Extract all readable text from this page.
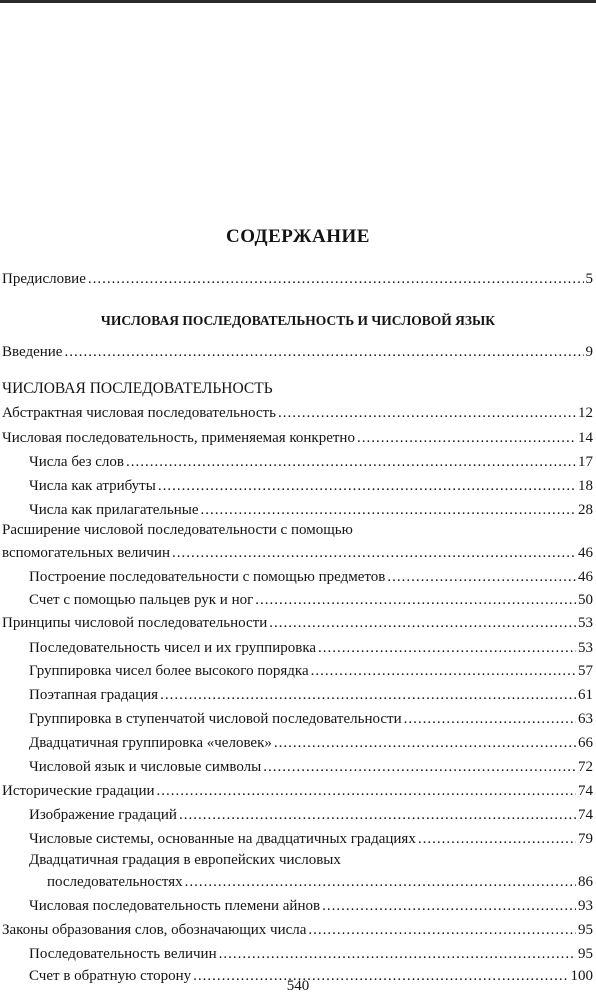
СОДЕРЖАНИЕ
Предисловие .....	5
ЧИСЛОВАЯ ПОСЛЕДОВАТЕЛЬНОСТЬ И ЧИСЛОВОЙ ЯЗЫК
Введение .....	9
ЧИСЛОВАЯ ПОСЛЕДОВАТЕЛЬНОСТЬ
Абстрактная числовая последовательность .....	12
Числовая последовательность, применяемая конкретно .....	14
Числа без слов .....	17
Числа как атрибуты .....	18
Числа как прилагательные .....	28
Расширение числовой последовательности с помощью
вспомогательных величин .....	46
Построение последовательности с помощью предметов .....	46
Счет с помощью пальцев рук и ног .....	50
Принципы числовой последовательности .....	53
Последовательность чисел и их группировка .....	53
Группировка чисел более высокого порядка .....	57
Поэтапная градация .....	61
Группировка в ступенчатой числовой последовательности .....	63
Двадцатичная группировка «человек» .....	66
Числовой язык и числовые символы .....	72
Исторические градации .....	74
Изображение градаций .....	74
Числовые системы, основанные на двадцатичных градациях .....	79
Двадцатичная градация в европейских числовых
последовательностях .....	86
Числовая последовательность племени айнов .....	93
Законы образования слов, обозначающих числа .....	95
Последовательность величин .....	95
Счет в обратную сторону .....	100
540
